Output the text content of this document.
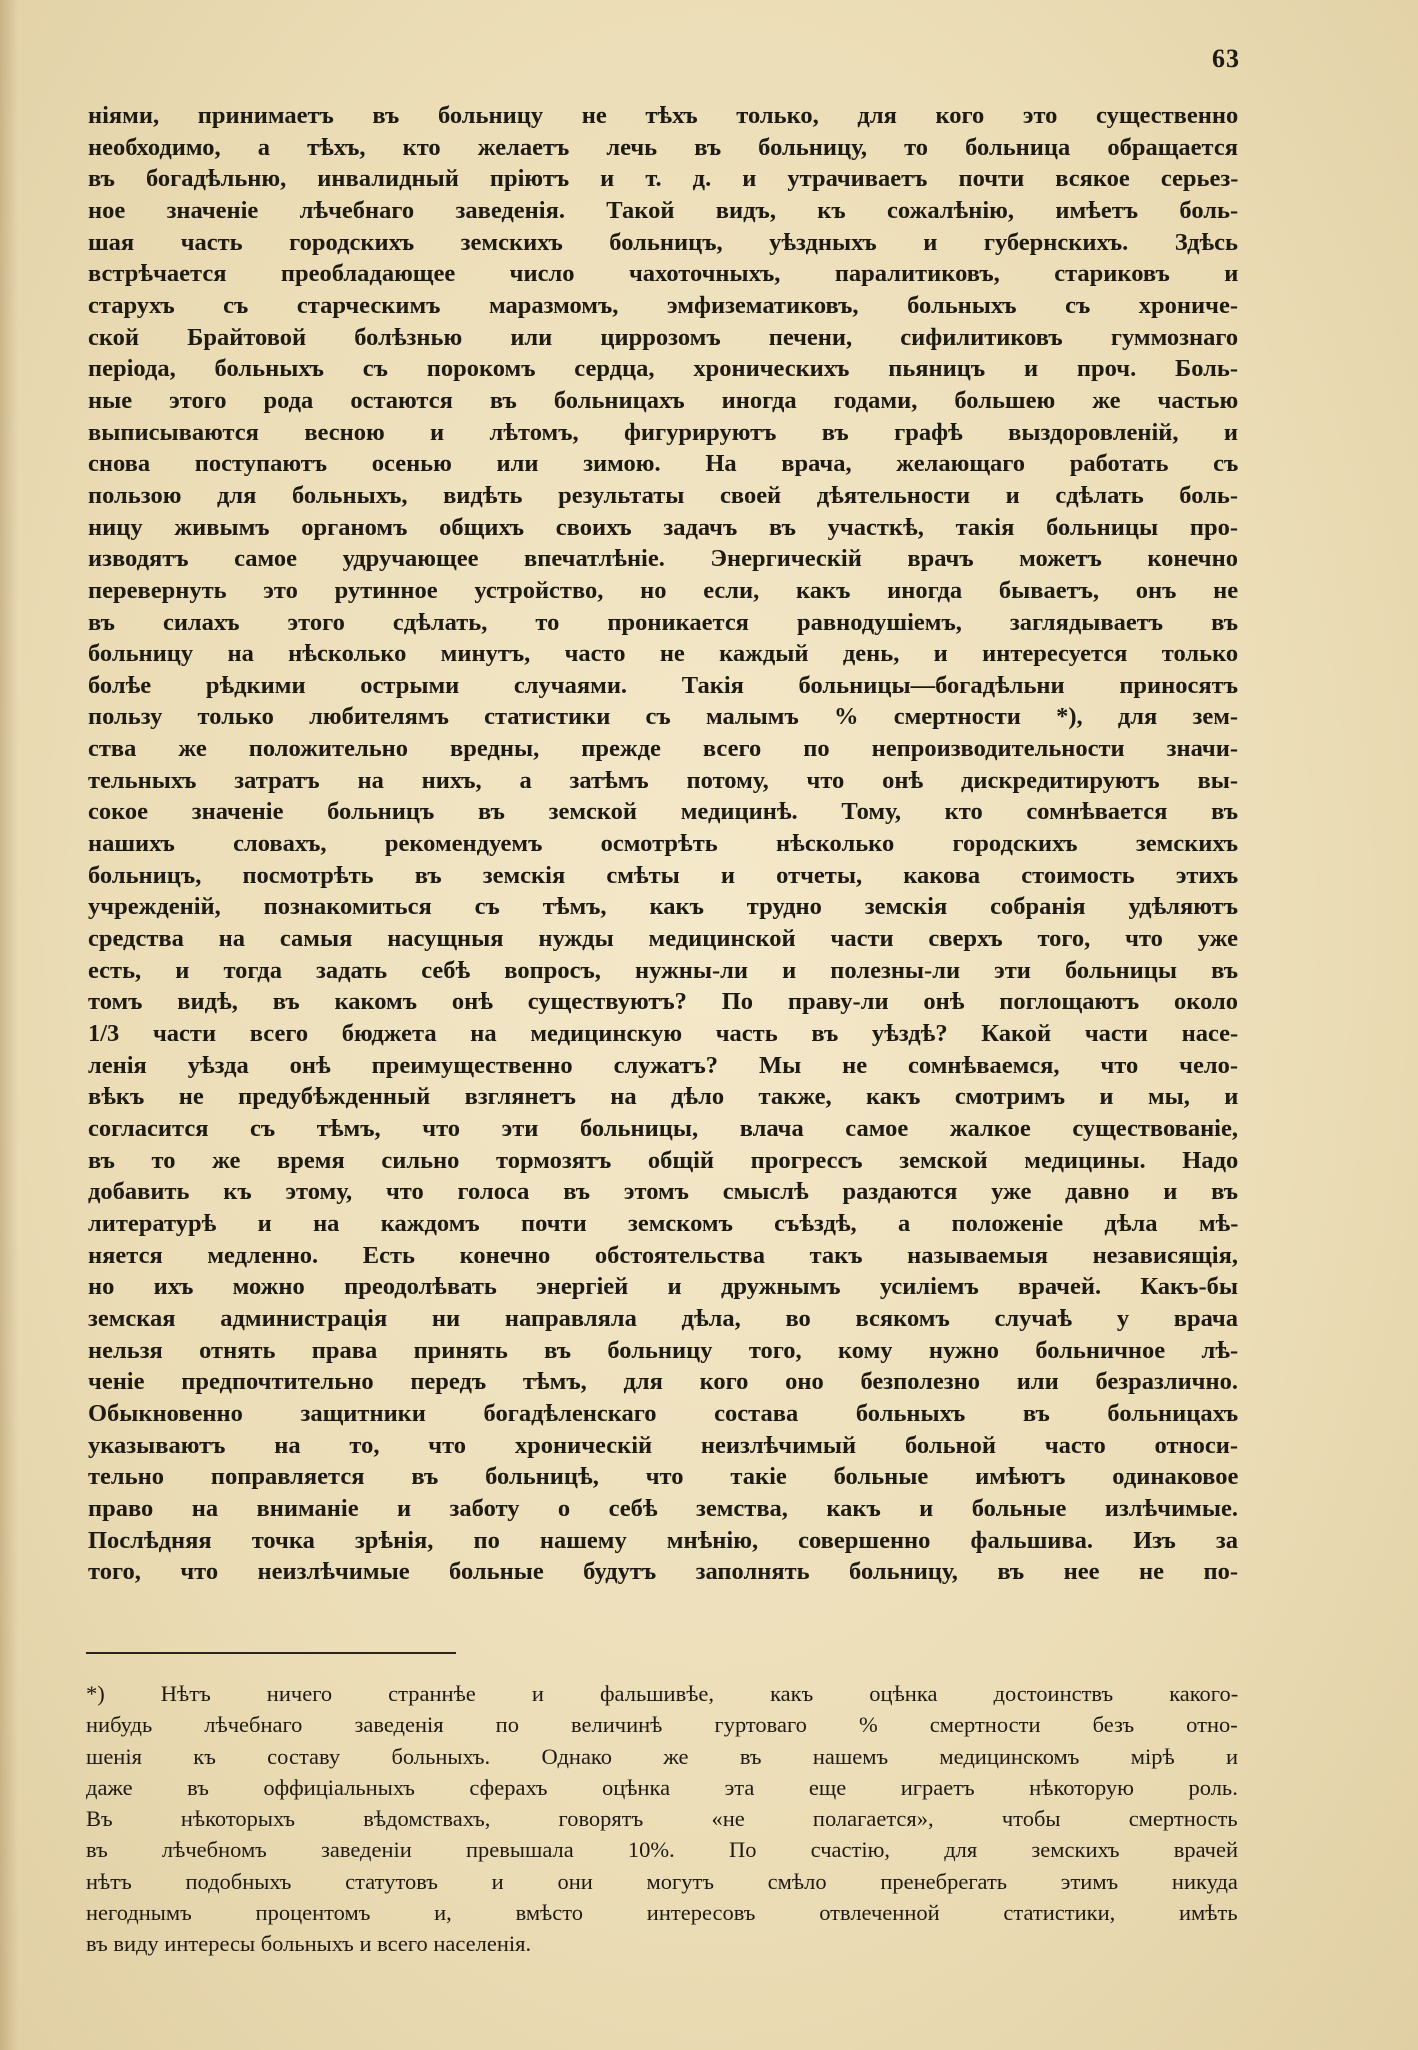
63
ніями, принимаетъ въ больницу не тѣхъ только, для кого это существенно
необходимо, а тѣхъ, кто желаетъ лечь въ больницу, то больница обращается
въ богадѣльню, инвалидный пріютъ и т. д. и утрачиваетъ почти всякое серьез-
ное значеніе лѣчебнаго заведенія. Такой видъ, къ сожалѣнію, имѣетъ боль-
шая часть городскихъ земскихъ больницъ, уѣздныхъ и губернскихъ. Здѣсь
встрѣчается преобладающее число чахоточныхъ, паралитиковъ, стариковъ и
старухъ съ старческимъ маразмомъ, эмфизематиковъ, больныхъ съ хрониче-
ской Брайтовой болѣзнью или циррозомъ печени, сифилитиковъ гуммознаго
періода, больныхъ съ порокомъ сердца, хроническихъ пьяницъ и проч. Боль-
ные этого рода остаются въ больницахъ иногда годами, большею же частью
выписываются весною и лѣтомъ, фигурируютъ въ графѣ выздоровленій, и
снова поступаютъ осенью или зимою. На врача, желающаго работать съ
пользою для больныхъ, видѣть результаты своей дѣятельности и сдѣлать боль-
ницу живымъ органомъ общихъ своихъ задачъ въ участкѣ, такія больницы про-
изводятъ самое удручающее впечатлѣніе. Энергическій врачъ можетъ конечно
перевернуть это рутинное устройство, но если, какъ иногда бываетъ, онъ не
въ силахъ этого сдѣлать, то проникается равнодушіемъ, заглядываетъ въ
больницу на нѣсколько минутъ, часто не каждый день, и интересуется только
болѣе рѣдкими острыми случаями. Такія больницы—богадѣльни приносятъ
пользу только любителямъ статистики съ малымъ % смертности *), для зем-
ства же положительно вредны, прежде всего по непроизводительности значи-
тельныхъ затратъ на нихъ, а затѣмъ потому, что онѣ дискредитируютъ вы-
сокое значеніе больницъ въ земской медицинѣ. Тому, кто сомнѣвается въ
нашихъ словахъ, рекомендуемъ осмотрѣть нѣсколько городскихъ земскихъ
больницъ, посмотрѣть въ земскія смѣты и отчеты, какова стоимость этихъ
учрежденій, познакомиться съ тѣмъ, какъ трудно земскія собранія удѣляютъ
средства на самыя насущныя нужды медицинской части сверхъ того, что уже
есть, и тогда задать себѣ вопросъ, нужны-ли и полезны-ли эти больницы въ
томъ видѣ, въ какомъ онѣ существуютъ? По праву-ли онѣ поглощаютъ около
1/3 части всего бюджета на медицинскую часть въ уѣздѣ? Какой части насе-
ленія уѣзда онѣ преимущественно служатъ? Мы не сомнѣваемся, что чело-
вѣкъ не предубѣжденный взглянетъ на дѣло также, какъ смотримъ и мы, и
согласится съ тѣмъ, что эти больницы, влача самое жалкое существованіе,
въ то же время сильно тормозятъ общій прогрессъ земской медицины. Надо
добавить къ этому, что голоса въ этомъ смыслѣ раздаются уже давно и въ
литературѣ и на каждомъ почти земскомъ съѣздѣ, а положеніе дѣла мѣ-
няется медленно. Есть конечно обстоятельства такъ называемыя независящія,
но ихъ можно преодолѣвать энергіей и дружнымъ усиліемъ врачей. Какъ-бы
земская администрація ни направляла дѣла, во всякомъ случаѣ у врача
нельзя отнять права принять въ больницу того, кому нужно больничное лѣ-
ченіе предпочтительно передъ тѣмъ, для кого оно безполезно или безразлично.
Обыкновенно защитники богадѣленскаго состава больныхъ въ больницахъ
указываютъ на то, что хроническій неизлѣчимый больной часто относи-
тельно поправляется въ больницѣ, что такіе больные имѣютъ одинаковое
право на вниманіе и заботу о себѣ земства, какъ и больные излѣчимые.
Послѣдняя точка зрѣнія, по нашему мнѣнію, совершенно фальшива. Изъ за
того, что неизлѣчимые больные будутъ заполнять больницу, въ нее не по-
*) Нѣтъ ничего страннѣе и фальшивѣе, какъ оцѣнка достоинствъ какого-
нибудь лѣчебнаго заведенія по величинѣ гуртоваго % смертности безъ отно-
шенія къ составу больныхъ. Однако же въ нашемъ медицинскомъ мірѣ и
даже въ оффиціальныхъ сферахъ оцѣнка эта еще играетъ нѣкоторую роль.
Въ нѣкоторыхъ вѣдомствахъ, говорятъ «не полагается», чтобы смертность
въ лѣчебномъ заведеніи превышала 10%. По счастію, для земскихъ врачей
нѣтъ подобныхъ статутовъ и они могутъ смѣло пренебрегать этимъ никуда
негоднымъ процентомъ и, вмѣсто интересовъ отвлеченной статистики, имѣть
въ виду интересы больныхъ и всего населенія.
